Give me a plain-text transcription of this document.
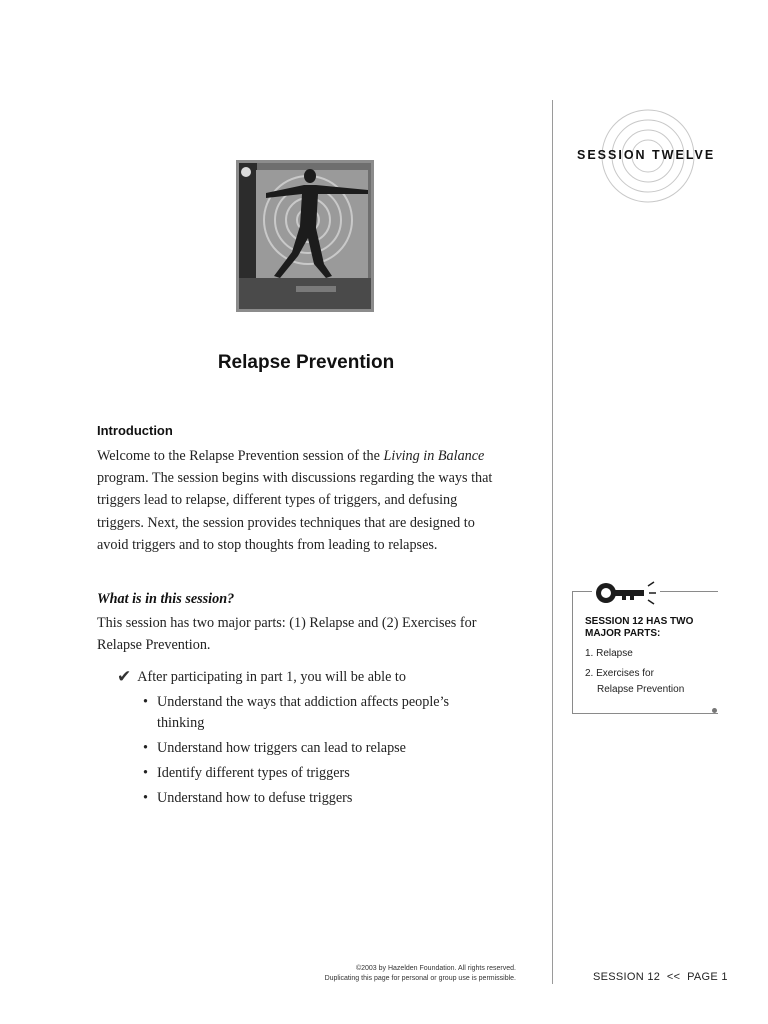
SESSION TWELVE
Relapse Prevention
Introduction
Welcome to the Relapse Prevention session of the Living in Balance program. The session begins with discussions regarding the ways that triggers lead to relapse, different types of triggers, and defusing triggers. Next, the session provides techniques that are designed to avoid triggers and to stop thoughts from leading to relapses.
What is in this session?
This session has two major parts: (1) Relapse and (2) Exercises for Relapse Prevention.
✔ After participating in part 1, you will be able to
• Understand the ways that addiction affects people’s thinking
• Understand how triggers can lead to relapse
• Identify different types of triggers
• Understand how to defuse triggers
SESSION 12 HAS TWO MAJOR PARTS:
1. Relapse
2. Exercises for
Relapse Prevention
©2003 by Hazelden Foundation. All rights reserved.
Duplicating this page for personal or group use is permissible.	SESSION 12  <<  PAGE 1
